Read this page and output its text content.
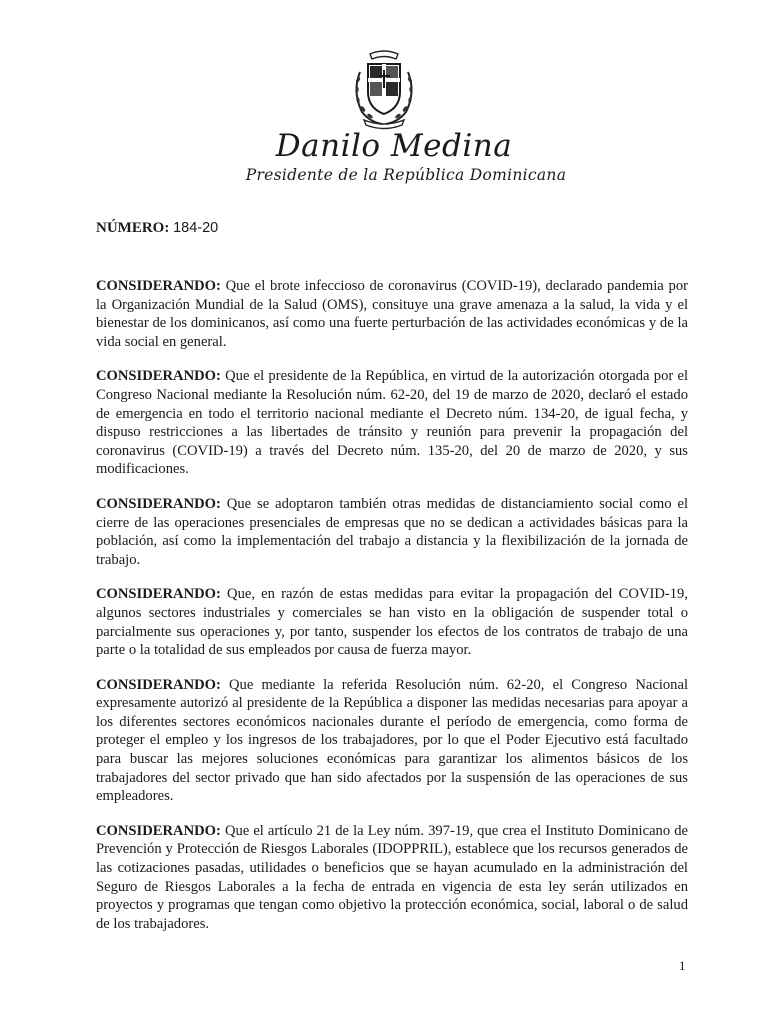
Danilo Medina
Presidente de la República Dominicana
NÚMERO: 184-20

CONSIDERANDO: Que el brote infeccioso de coronavirus (COVID-19), declarado pandemia por la Organización Mundial de la Salud (OMS), consituye una grave amenaza a la salud, la vida y el bienestar de los dominicanos, así como una fuerte perturbación de las actividades económicas y de la vida social en general.

CONSIDERANDO: Que el presidente de la República, en virtud de la autorización otorgada por el Congreso Nacional mediante la Resolución núm. 62-20, del 19 de marzo de 2020, declaró el estado de emergencia en todo el territorio nacional mediante el Decreto núm. 134-20, de igual fecha, y dispuso restricciones a las libertades de tránsito y reunión para prevenir la propagación del coronavirus (COVID-19) a través del Decreto núm. 135-20, del 20 de marzo de 2020, y sus modificaciones.

CONSIDERANDO: Que se adoptaron también otras medidas de distanciamiento social como el cierre de las operaciones presenciales de empresas que no se dedican a actividades básicas para la población, así como la implementación del trabajo a distancia y la flexibilización de la jornada de trabajo.

CONSIDERANDO: Que, en razón de estas medidas para evitar la propagación del COVID-19, algunos sectores industriales y comerciales se han visto en la obligación de suspender total o parcialmente sus operaciones y, por tanto, suspender los efectos de los contratos de trabajo de una parte o la totalidad de sus empleados por causa de fuerza mayor.

CONSIDERANDO: Que mediante la referida Resolución núm. 62-20, el Congreso Nacional expresamente autorizó al presidente de la República a disponer las medidas necesarias para apoyar a los diferentes sectores económicos nacionales durante el período de emergencia, como forma de proteger el empleo y los ingresos de los trabajadores, por lo que el Poder Ejecutivo está facultado para buscar las mejores soluciones económicas para garantizar los alimentos básicos de los trabajadores del sector privado que han sido afectados por la suspensión de las operaciones de sus empleadores.

CONSIDERANDO: Que el artículo 21 de la Ley núm. 397-19, que crea el Instituto Dominicano de Prevención y Protección de Riesgos Laborales (IDOPPRIL), establece que los recursos generados de las cotizaciones pasadas, utilidades o beneficios que se hayan acumulado en la administración del Seguro de Riesgos Laborales a la fecha de entrada en vigencia de esta ley serán utilizados en proyectos y programas que tengan como objetivo la protección económica, social, laboral o de salud de los trabajadores.

1
